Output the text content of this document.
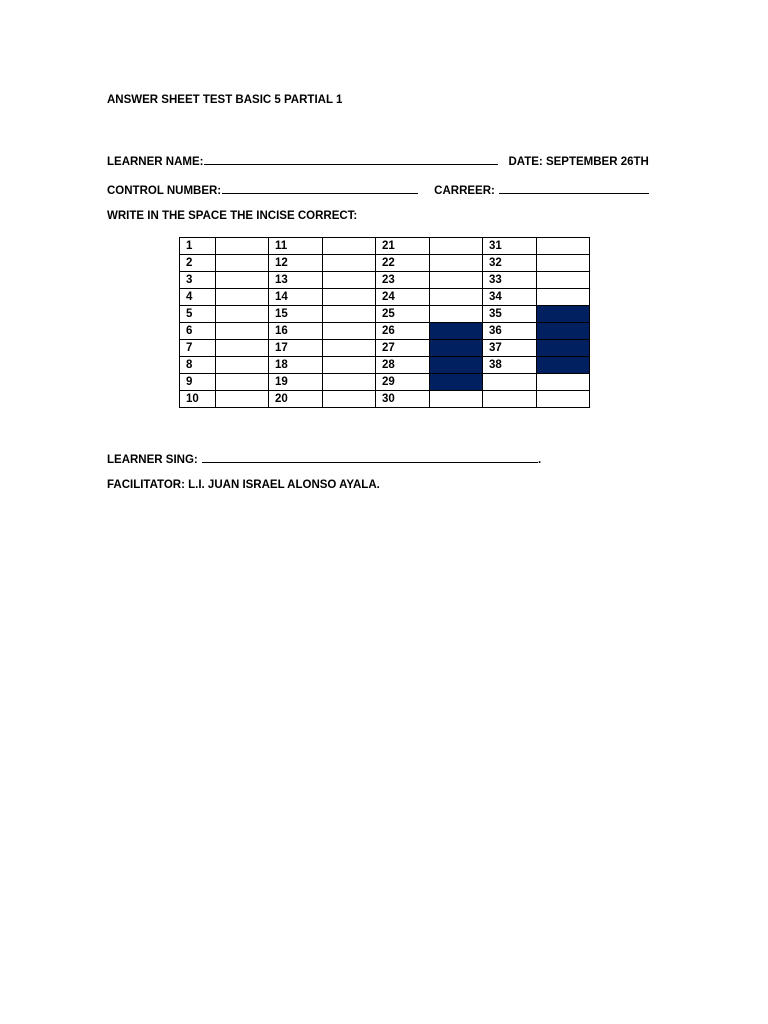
ANSWER SHEET TEST BASIC 5 PARTIAL 1
LEARNER NAME:	DATE: SEPTEMBER 26TH
CONTROL NUMBER:	CARREER:
WRITE IN THE SPACE THE INCISE CORRECT:
1		11		21		31	
2		12		22		32	
3		13		23		33	
4		14		24		34	
5		15		25		35	
6		16		26		36	
7		17		27		37	
8		18		28		38	
9		19		29			
10		20		30			
LEARNER SING:	.
FACILITATOR: L.I. JUAN ISRAEL ALONSO AYALA.
